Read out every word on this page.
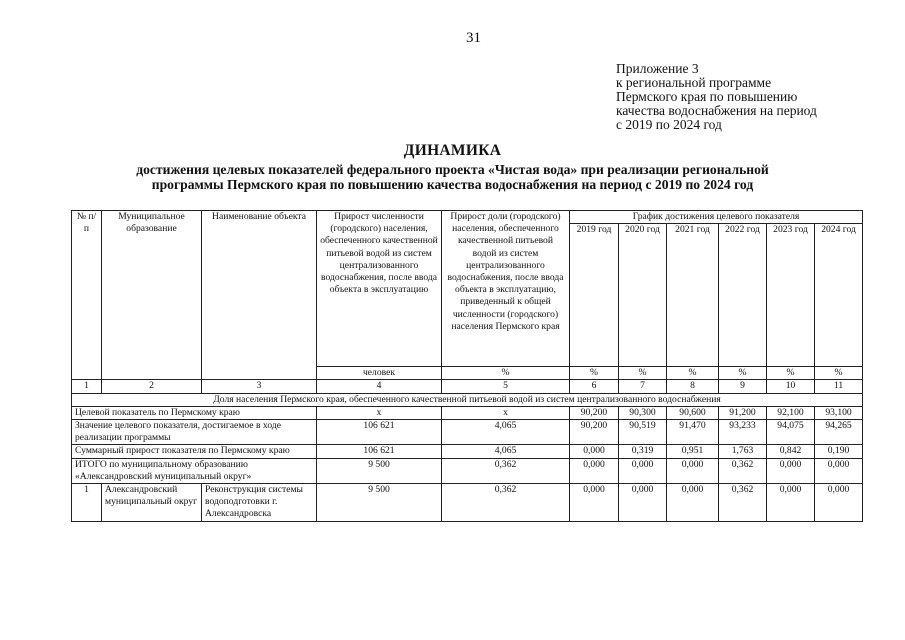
31
Приложение 3
к региональной программе
Пермского края по повышению
качества водоснабжения на период
с 2019 по 2024 год
ДИНАМИКА
достижения целевых показателей федерального проекта «Чистая вода» при реализации региональной
программы Пермского края по повышению качества водоснабжения на период с 2019 по 2024 год
№ п/п	Муниципальное образование	Наименование объекта	Прирост численности (городского) населения, обеспеченного качественной питьевой водой из систем централизованного водоснабжения, после ввода объекта в эксплуатацию	Прирост доли (городского) населения, обеспеченного качественной питьевой водой из систем централизованного водоснабжения, после ввода объекта в эксплуатацию, приведенный к общей численности (городского) населения Пермского края	График достижения целевого показателя					
					2019 год	2020 год	2021 год	2022 год	2023 год	2024 год
			человек	%	%	%	%	%	%	%
1	2	3	4	5	6	7	8	9	10	11
Доля населения Пермского края, обеспеченного качественной питьевой водой из систем централизованного водоснабжения										
Целевой показатель по Пермскому краю			х	х	90,200	90,300	90,600	91,200	92,100	93,100
Значение целевого показателя, достигаемое в ходе реализации программы			106 621	4,065	90,200	90,519	91,470	93,233	94,075	94,265
Суммарный прирост показателя по Пермскому краю			106 621	4,065	0,000	0,319	0,951	1,763	0,842	0,190
ИТОГО по муниципальному образованию «Александровский муниципальный округ»			9 500	0,362	0,000	0,000	0,000	0,362	0,000	0,000
1	Александровский муниципальный округ	Реконструкция системы водоподготовки г. Александровска	9 500	0,362	0,000	0,000	0,000	0,362	0,000	0,000
